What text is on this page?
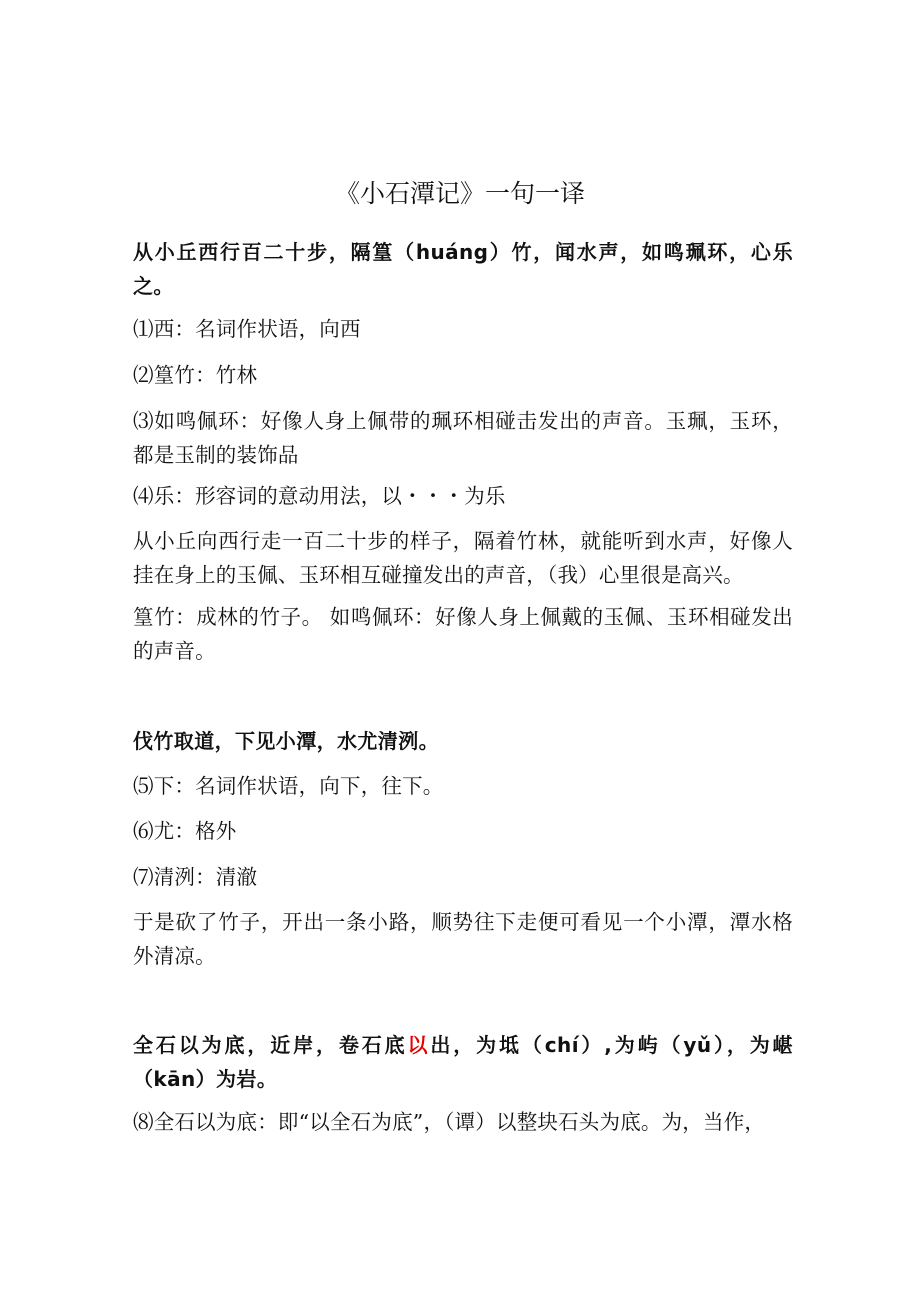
《小石潭记》一句一译

从小丘西行百二十步，隔篁（huáng）竹，闻水声，如鸣珮环，心乐之。

⑴西：名词作状语，向西

⑵篁竹：竹林

⑶如鸣佩环：好像人身上佩带的珮环相碰击发出的声音。玉珮，玉环，都是玉制的装饰品

⑷乐：形容词的意动用法，以・・・为乐

从小丘向西行走一百二十步的样子，隔着竹林，就能听到水声，好像人挂在身上的玉佩、玉环相互碰撞发出的声音，（我）心里很是高兴。

篁竹：成林的竹子。 如鸣佩环：好像人身上佩戴的玉佩、玉环相碰发出的声音。

伐竹取道，下见小潭，水尤清洌。

⑸下：名词作状语，向下，往下。

⑹尤：格外

⑺清洌：清澈

于是砍了竹子，开出一条小路，顺势往下走便可看见一个小潭，潭水格外清凉。

全石以为底，近岸，卷石底以出，为坻（chí）,为屿（yǔ），为嵁（kān）为岩。

⑻全石以为底：即“以全石为底”，（谭）以整块石头为底。为，当作，
